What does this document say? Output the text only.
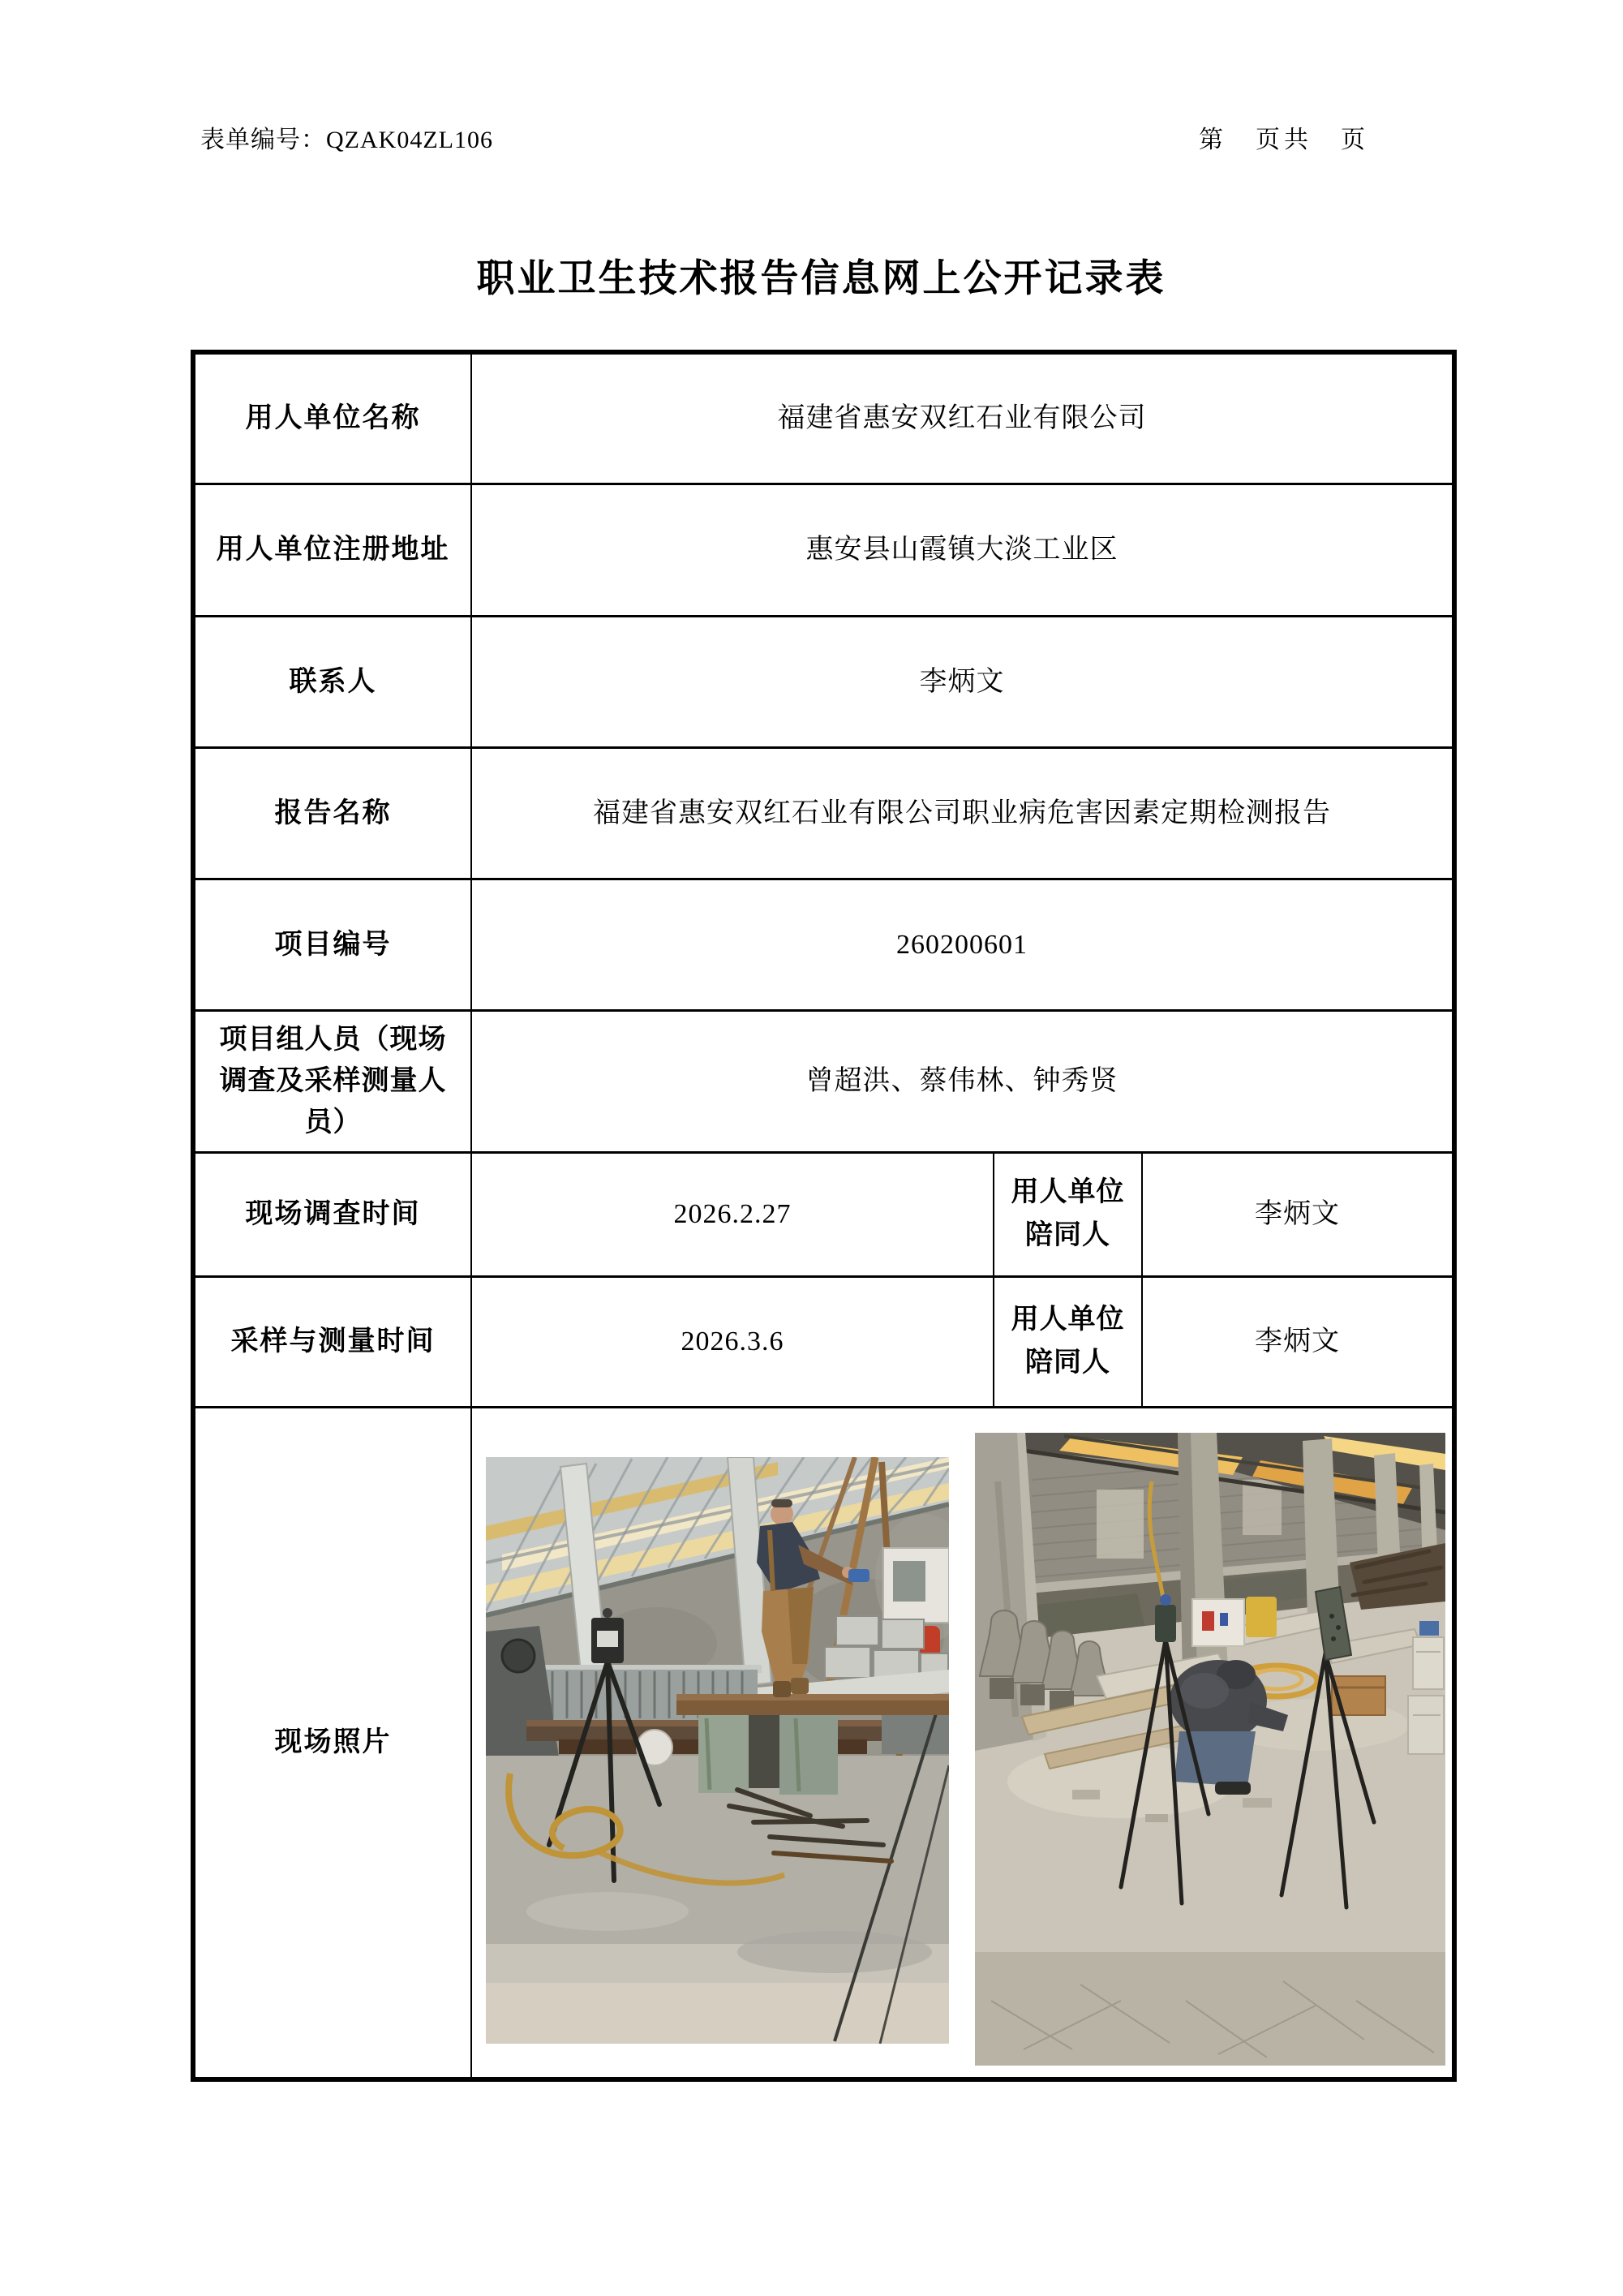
表单编号：QZAK04ZL106	第　页共　页
职业卫生技术报告信息网上公开记录表
用人单位名称	福建省惠安双红石业有限公司		
用人单位注册地址	惠安县山霞镇大淡工业区		
联系人	李炳文		
报告名称	福建省惠安双红石业有限公司职业病危害因素定期检测报告		
项目编号	260200601		
项目组人员（现场调查及采样测量人员）	曾超洪、蔡伟林、钟秀贤		
现场调查时间	2026.2.27	用人单位陪同人	李炳文
采样与测量时间	2026.3.6	用人单位陪同人	李炳文
现场照片	
